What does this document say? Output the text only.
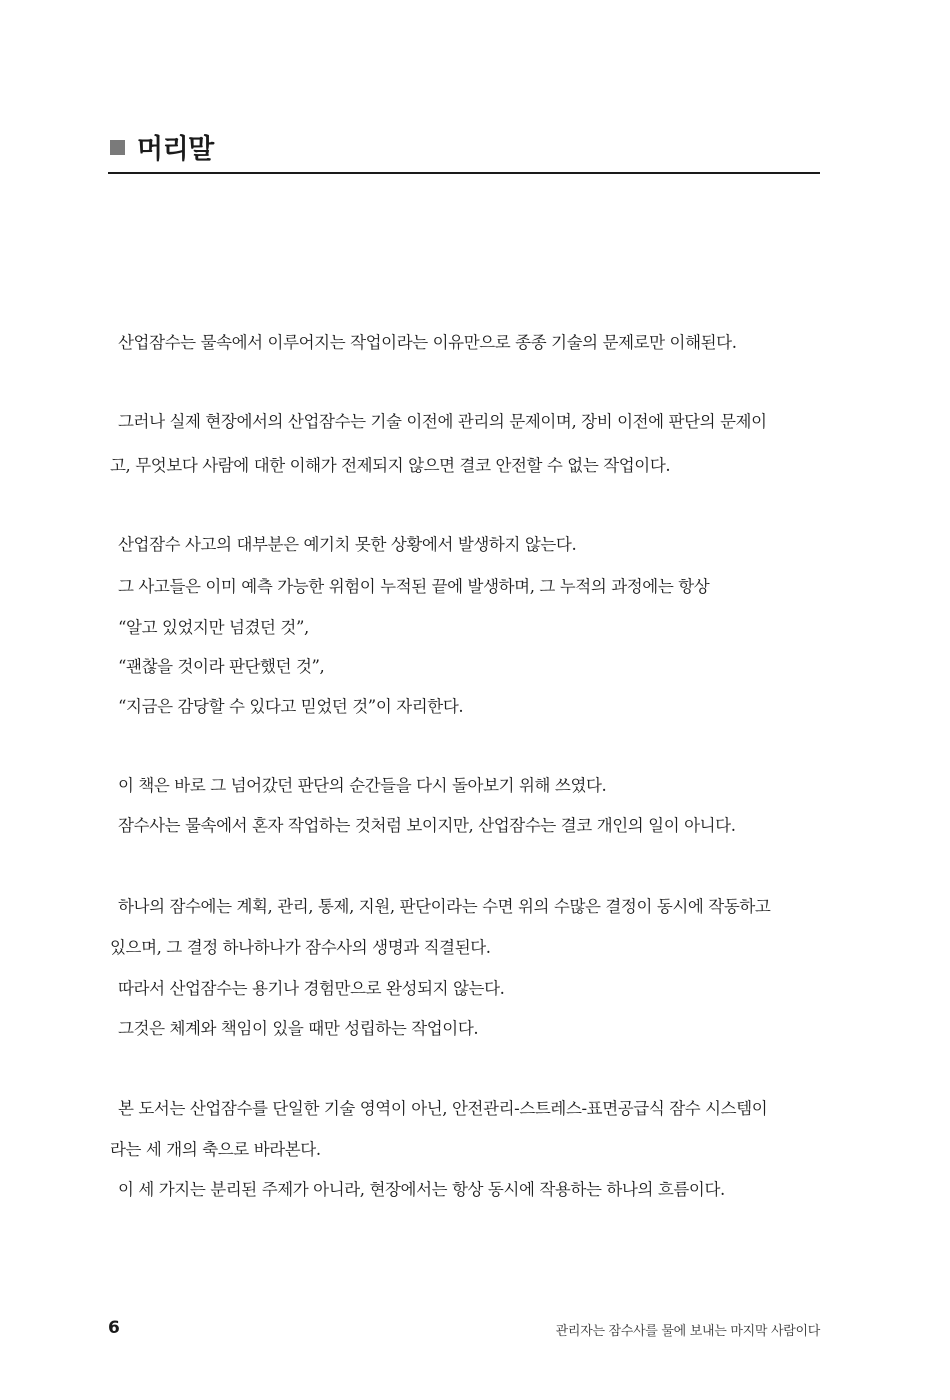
머리말
산업잠수는 물속에서 이루어지는 작업이라는 이유만으로 종종 기술의 문제로만 이해된다.
그러나 실제 현장에서의 산업잠수는 기술 이전에 관리의 문제이며, 장비 이전에 판단의 문제이
고, 무엇보다 사람에 대한 이해가 전제되지 않으면 결코 안전할 수 없는 작업이다.
산업잠수 사고의 대부분은 예기치 못한 상황에서 발생하지 않는다.
그 사고들은 이미 예측 가능한 위험이 누적된 끝에 발생하며, 그 누적의 과정에는 항상
“알고 있었지만 넘겼던 것”,
“괜찮을 것이라 판단했던 것”,
“지금은 감당할 수 있다고 믿었던 것”이 자리한다.
이 책은 바로 그 넘어갔던 판단의 순간들을 다시 돌아보기 위해 쓰였다.
잠수사는 물속에서 혼자 작업하는 것처럼 보이지만, 산업잠수는 결코 개인의 일이 아니다.
하나의 잠수에는 계획, 관리, 통제, 지원, 판단이라는 수면 위의 수많은 결정이 동시에 작동하고
있으며, 그 결정 하나하나가 잠수사의 생명과 직결된다.
따라서 산업잠수는 용기나 경험만으로 완성되지 않는다.
그것은 체계와 책임이 있을 때만 성립하는 작업이다.
본 도서는 산업잠수를 단일한 기술 영역이 아닌, 안전관리-스트레스-표면공급식 잠수 시스템이
라는 세 개의 축으로 바라본다.
이 세 가지는 분리된 주제가 아니라, 현장에서는 항상 동시에 작용하는 하나의 흐름이다.
6	관리자는 잠수사를 물에 보내는 마지막 사람이다
